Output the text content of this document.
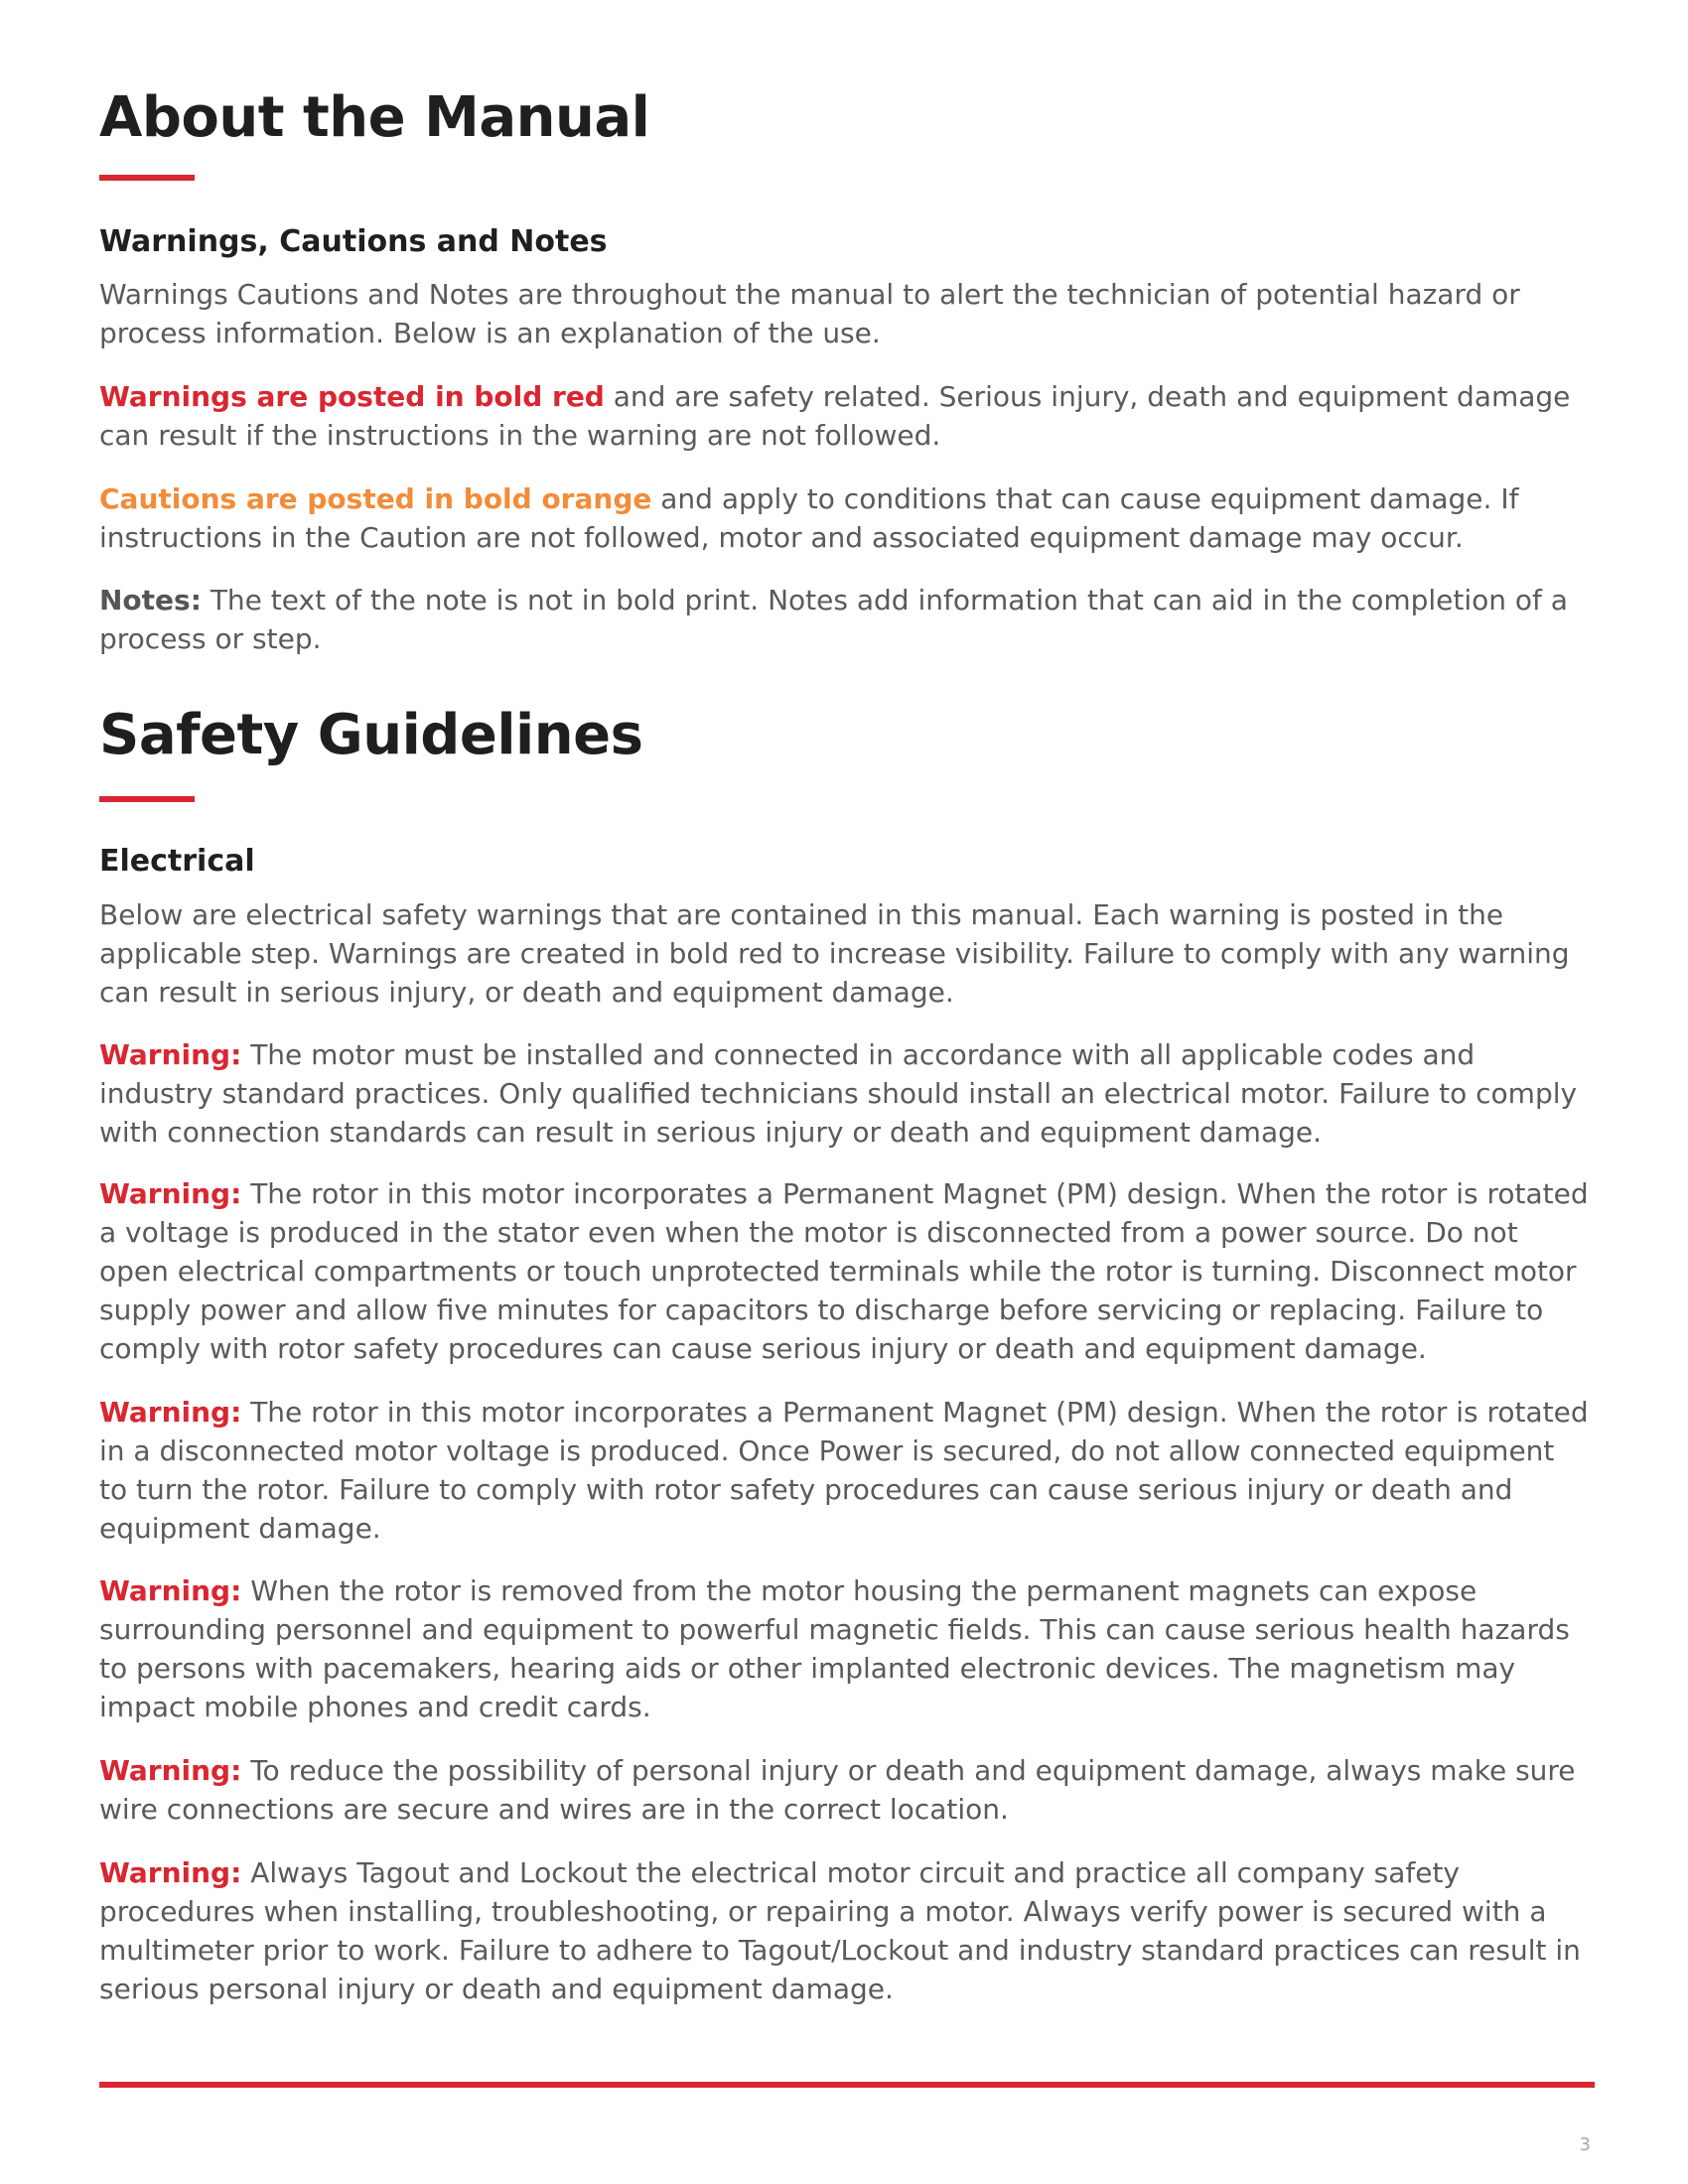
About the Manual
Warnings, Cautions and Notes

Warnings Cautions and Notes are throughout the manual to alert the technician of potential hazard or process information. Below is an explanation of the use.

Warnings are posted in bold red and are safety related. Serious injury, death and equipment damage can result if the instructions in the warning are not followed.

Cautions are posted in bold orange and apply to conditions that can cause equipment damage. If instructions in the Caution are not followed, motor and associated equipment damage may occur.

Notes: The text of the note is not in bold print. Notes add information that can aid in the completion of a process or step.

Safety Guidelines
Electrical

Below are electrical safety warnings that are contained in this manual. Each warning is posted in the applicable step. Warnings are created in bold red to increase visibility. Failure to comply with any warning can result in serious injury, or death and equipment damage.

Warning: The motor must be installed and connected in accordance with all applicable codes and industry standard practices. Only qualified technicians should install an electrical motor. Failure to comply with connection standards can result in serious injury or death and equipment damage.

Warning: The rotor in this motor incorporates a Permanent Magnet (PM) design. When the rotor is rotated a voltage is produced in the stator even when the motor is disconnected from a power source. Do not open electrical compartments or touch unprotected terminals while the rotor is turning. Disconnect motor supply power and allow five minutes for capacitors to discharge before servicing or replacing. Failure to comply with rotor safety procedures can cause serious injury or death and equipment damage.

Warning: The rotor in this motor incorporates a Permanent Magnet (PM) design. When the rotor is rotated in a disconnected motor voltage is produced. Once Power is secured, do not allow connected equipment to turn the rotor. Failure to comply with rotor safety procedures can cause serious injury or death and equipment damage.

Warning: When the rotor is removed from the motor housing the permanent magnets can expose surrounding personnel and equipment to powerful magnetic fields. This can cause serious health hazards to persons with pacemakers, hearing aids or other implanted electronic devices. The magnetism may impact mobile phones and credit cards.

Warning: To reduce the possibility of personal injury or death and equipment damage, always make sure wire connections are secure and wires are in the correct location.

Warning: Always Tagout and Lockout the electrical motor circuit and practice all company safety procedures when installing, troubleshooting, or repairing a motor. Always verify power is secured with a multimeter prior to work. Failure to adhere to Tagout/Lockout and industry standard practices can result in serious personal injury or death and equipment damage.

3
